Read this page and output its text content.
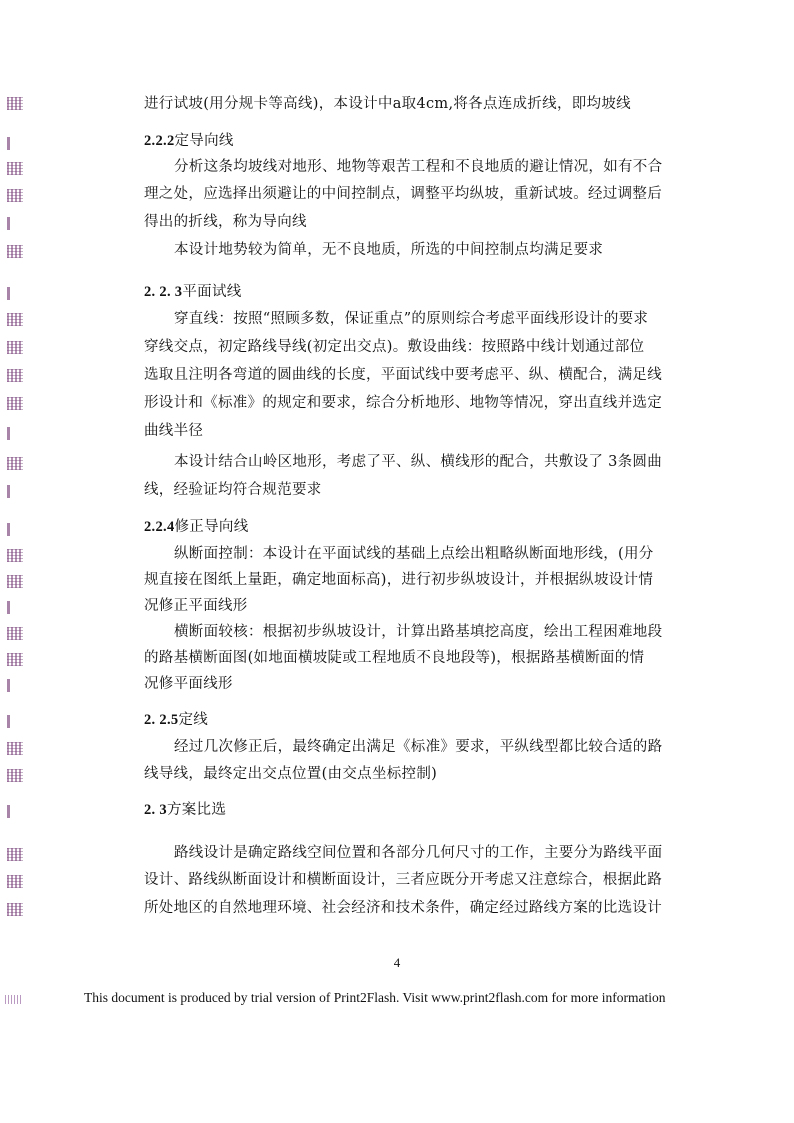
进行试坡(用分规卡等高线)，本设计中a取4cm,将各点连成折线，即均坡线
2.2.2定导向线
分析这条均坡线对地形、地物等艰苦工程和不良地质的避让情况，如有不合
理之处，应选择出须避让的中间控制点，调整平均纵坡，重新试坡。经过调整后
得出的折线，称为导向线
本设计地势较为简单，无不良地质，所选的中间控制点均满足要求
2. 2. 3平面试线
穿直线：按照“照顾多数，保证重点”的原则综合考虑平面线形设计的要求
穿线交点，初定路线导线(初定出交点)。敷设曲线：按照路中线计划通过部位
选取且注明各弯道的圆曲线的长度，平面试线中要考虑平、纵、横配合，满足线
形设计和《标准》的规定和要求，综合分析地形、地物等情况，穿出直线并选定
曲线半径
本设计结合山岭区地形，考虑了平、纵、横线形的配合，共敷设了 3条圆曲
线，经验证均符合规范要求
2.2.4修正导向线
纵断面控制：本设计在平面试线的基础上点绘出粗略纵断面地形线，(用分
规直接在图纸上量距，确定地面标高)，进行初步纵坡设计，并根据纵坡设计情
况修正平面线形
横断面较核：根据初步纵坡设计，计算出路基填挖高度，绘出工程困难地段
的路基横断面图(如地面横坡陡或工程地质不良地段等)，根据路基横断面的情
况修平面线形
2. 2.5定线
经过几次修正后，最终确定出满足《标准》要求，平纵线型都比较合适的路
线导线，最终定出交点位置(由交点坐标控制)
2. 3方案比选
路线设计是确定路线空间位置和各部分几何尺寸的工作，主要分为路线平面
设计、路线纵断面设计和横断面设计，三者应既分开考虑又注意综合，根据此路
所处地区的自然地理环境、社会经济和技术条件，确定经过路线方案的比选设计
4
This document is produced by trial version of Print2Flash. Visit www.print2flash.com for more information
